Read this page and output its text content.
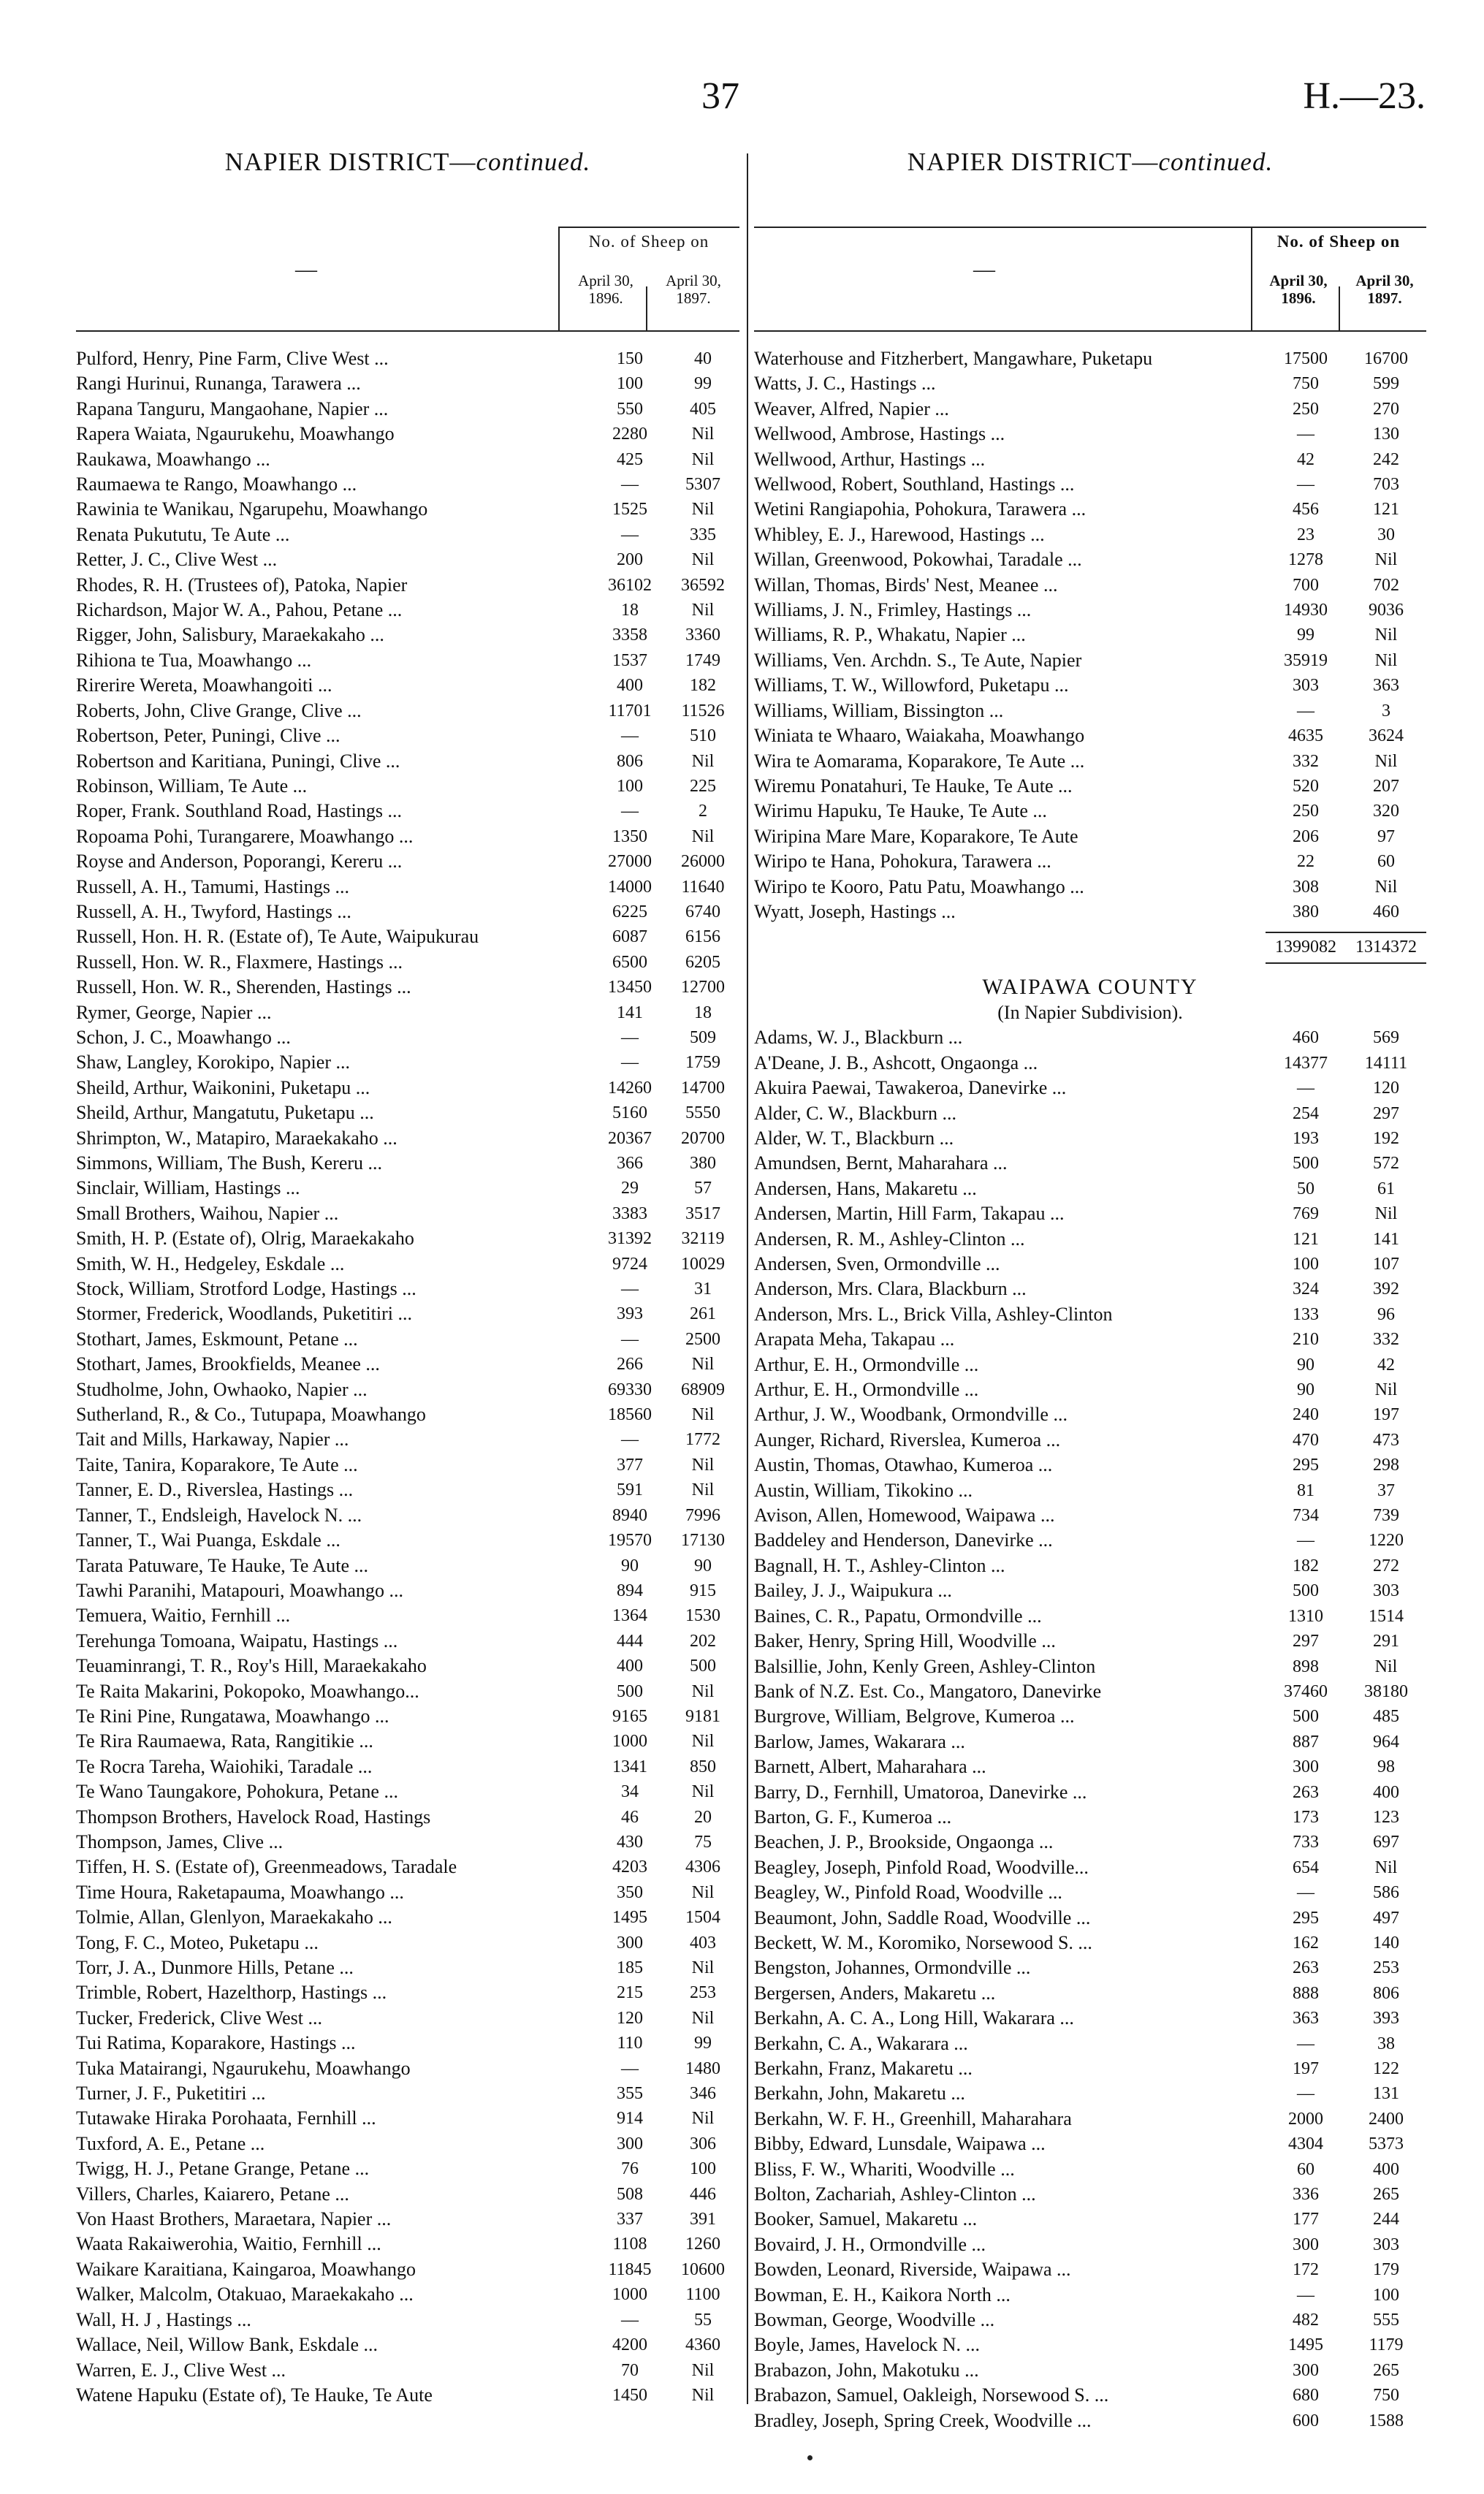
37	H.—23.
NAPIER DISTRICT—continued.
—
No. of Sheep on
April 30, 1896.
April 30, 1897.
Pulford, Henry, Pine Farm, Clive West ...	150	40
Rangi Hurinui, Runanga, Tarawera ...	100	99
Rapana Tanguru, Mangaohane, Napier ...	550	405
Rapera Waiata, Ngaurukehu, Moawhango	2280	Nil
Raukawa, Moawhango ...	425	Nil
Raumaewa te Rango, Moawhango ...	—	5307
Rawinia te Wanikau, Ngarupehu, Moawhango	1525	Nil
Renata Pukututu, Te Aute ...	—	335
Retter, J. C., Clive West ...	200	Nil
Rhodes, R. H. (Trustees of), Patoka, Napier	36102	36592
Richardson, Major W. A., Pahou, Petane ...	18	Nil
Rigger, John, Salisbury, Maraekakaho ...	3358	3360
Rihiona te Tua, Moawhango ...	1537	1749
Rirerire Wereta, Moawhangoiti ...	400	182
Roberts, John, Clive Grange, Clive ...	11701	11526
Robertson, Peter, Puningi, Clive ...	—	510
Robertson and Karitiana, Puningi, Clive ...	806	Nil
Robinson, William, Te Aute ...	100	225
Roper, Frank. Southland Road, Hastings ...	—	2
Ropoama Pohi, Turangarere, Moawhango ...	1350	Nil
Royse and Anderson, Poporangi, Kereru ...	27000	26000
Russell, A. H., Tamumi, Hastings ...	14000	11640
Russell, A. H., Twyford, Hastings ...	6225	6740
Russell, Hon. H. R. (Estate of), Te Aute, Waipukurau	6087	6156
Russell, Hon. W. R., Flaxmere, Hastings ...	6500	6205
Russell, Hon. W. R., Sherenden, Hastings ...	13450	12700
Rymer, George, Napier ...	141	18
Schon, J. C., Moawhango ...	—	509
Shaw, Langley, Korokipo, Napier ...	—	1759
Sheild, Arthur, Waikonini, Puketapu ...	14260	14700
Sheild, Arthur, Mangatutu, Puketapu ...	5160	5550
Shrimpton, W., Matapiro, Maraekakaho ...	20367	20700
Simmons, William, The Bush, Kereru ...	366	380
Sinclair, William, Hastings ...	29	57
Small Brothers, Waihou, Napier ...	3383	3517
Smith, H. P. (Estate of), Olrig, Maraekakaho	31392	32119
Smith, W. H., Hedgeley, Eskdale ...	9724	10029
Stock, William, Strotford Lodge, Hastings ...	—	31
Stormer, Frederick, Woodlands, Puketitiri ...	393	261
Stothart, James, Eskmount, Petane ...	—	2500
Stothart, James, Brookfields, Meanee ...	266	Nil
Studholme, John, Owhaoko, Napier ...	69330	68909
Sutherland, R., & Co., Tutupapa, Moawhango	18560	Nil
Tait and Mills, Harkaway, Napier ...	—	1772
Taite, Tanira, Koparakore, Te Aute ...	377	Nil
Tanner, E. D., Riverslea, Hastings ...	591	Nil
Tanner, T., Endsleigh, Havelock N. ...	8940	7996
Tanner, T., Wai Puanga, Eskdale ...	19570	17130
Tarata Patuware, Te Hauke, Te Aute ...	90	90
Tawhi Paranihi, Matapouri, Moawhango ...	894	915
Temuera, Waitio, Fernhill ...	1364	1530
Terehunga Tomoana, Waipatu, Hastings ...	444	202
Teuaminrangi, T. R., Roy's Hill, Maraekakaho	400	500
Te Raita Makarini, Pokopoko, Moawhango...	500	Nil
Te Rini Pine, Rungatawa, Moawhango ...	9165	9181
Te Rira Raumaewa, Rata, Rangitikie ...	1000	Nil
Te Rocra Tareha, Waiohiki, Taradale ...	1341	850
Te Wano Taungakore, Pohokura, Petane ...	34	Nil
Thompson Brothers, Havelock Road, Hastings	46	20
Thompson, James, Clive ...	430	75
Tiffen, H. S. (Estate of), Greenmeadows, Taradale	4203	4306
Time Houra, Raketapauma, Moawhango ...	350	Nil
Tolmie, Allan, Glenlyon, Maraekakaho ...	1495	1504
Tong, F. C., Moteo, Puketapu ...	300	403
Torr, J. A., Dunmore Hills, Petane ...	185	Nil
Trimble, Robert, Hazelthorp, Hastings ...	215	253
Tucker, Frederick, Clive West ...	120	Nil
Tui Ratima, Koparakore, Hastings ...	110	99
Tuka Matairangi, Ngaurukehu, Moawhango	—	1480
Turner, J. F., Puketitiri ...	355	346
Tutawake Hiraka Porohaata, Fernhill ...	914	Nil
Tuxford, A. E., Petane ...	300	306
Twigg, H. J., Petane Grange, Petane ...	76	100
Villers, Charles, Kaiarero, Petane ...	508	446
Von Haast Brothers, Maraetara, Napier ...	337	391
Waata Rakaiwerohia, Waitio, Fernhill ...	1108	1260
Waikare Karaitiana, Kaingaroa, Moawhango	11845	10600
Walker, Malcolm, Otakuao, Maraekakaho ...	1000	1100
Wall, H. J , Hastings ...	—	55
Wallace, Neil, Willow Bank, Eskdale ...	4200	4360
Warren, E. J., Clive West ...	70	Nil
Watene Hapuku (Estate of), Te Hauke, Te Aute	1450	Nil
NAPIER DISTRICT—continued.
—
No. of Sheep on
April 30, 1896.
April 30, 1897.
Waterhouse and Fitzherbert, Mangawhare, Puketapu	17500	16700
Watts, J. C., Hastings ...	750	599
Weaver, Alfred, Napier ...	250	270
Wellwood, Ambrose, Hastings ...	—	130
Wellwood, Arthur, Hastings ...	42	242
Wellwood, Robert, Southland, Hastings ...	—	703
Wetini Rangiapohia, Pohokura, Tarawera ...	456	121
Whibley, E. J., Harewood, Hastings ...	23	30
Willan, Greenwood, Pokowhai, Taradale ...	1278	Nil
Willan, Thomas, Birds' Nest, Meanee ...	700	702
Williams, J. N., Frimley, Hastings ...	14930	9036
Williams, R. P., Whakatu, Napier ...	99	Nil
Williams, Ven. Archdn. S., Te Aute, Napier	35919	Nil
Williams, T. W., Willowford, Puketapu ...	303	363
Williams, William, Bissington ...	—	3
Winiata te Whaaro, Waiakaha, Moawhango	4635	3624
Wira te Aomarama, Koparakore, Te Aute ...	332	Nil
Wiremu Ponatahuri, Te Hauke, Te Aute ...	520	207
Wirimu Hapuku, Te Hauke, Te Aute ...	250	320
Wiripina Mare Mare, Koparakore, Te Aute	206	97
Wiripo te Hana, Pohokura, Tarawera ...	22	60
Wiripo te Kooro, Patu Patu, Moawhango ...	308	Nil
Wyatt, Joseph, Hastings ...	380	460
1399082	1314372
WAIPAWA COUNTY
(In Napier Subdivision).
Adams, W. J., Blackburn ...	460	569
A'Deane, J. B., Ashcott, Ongaonga ...	14377	14111
Akuira Paewai, Tawakeroa, Danevirke ...	—	120
Alder, C. W., Blackburn ...	254	297
Alder, W. T., Blackburn ...	193	192
Amundsen, Bernt, Maharahara ...	500	572
Andersen, Hans, Makaretu ...	50	61
Andersen, Martin, Hill Farm, Takapau ...	769	Nil
Andersen, R. M., Ashley-Clinton ...	121	141
Andersen, Sven, Ormondville ...	100	107
Anderson, Mrs. Clara, Blackburn ...	324	392
Anderson, Mrs. L., Brick Villa, Ashley-Clinton	133	96
Arapata Meha, Takapau ...	210	332
Arthur, E. H., Ormondville ...	90	42
Arthur, E. H., Ormondville ...	90	Nil
Arthur, J. W., Woodbank, Ormondville ...	240	197
Aunger, Richard, Riverslea, Kumeroa ...	470	473
Austin, Thomas, Otawhao, Kumeroa ...	295	298
Austin, William, Tikokino ...	81	37
Avison, Allen, Homewood, Waipawa ...	734	739
Baddeley and Henderson, Danevirke ...	—	1220
Bagnall, H. T., Ashley-Clinton ...	182	272
Bailey, J. J., Waipukura ...	500	303
Baines, C. R., Papatu, Ormondville ...	1310	1514
Baker, Henry, Spring Hill, Woodville ...	297	291
Balsillie, John, Kenly Green, Ashley-Clinton	898	Nil
Bank of N.Z. Est. Co., Mangatoro, Danevirke	37460	38180
Burgrove, William, Belgrove, Kumeroa ...	500	485
Barlow, James, Wakarara ...	887	964
Barnett, Albert, Maharahara ...	300	98
Barry, D., Fernhill, Umatoroa, Danevirke ...	263	400
Barton, G. F., Kumeroa ...	173	123
Beachen, J. P., Brookside, Ongaonga ...	733	697
Beagley, Joseph, Pinfold Road, Woodville...	654	Nil
Beagley, W., Pinfold Road, Woodville ...	—	586
Beaumont, John, Saddle Road, Woodville ...	295	497
Beckett, W. M., Koromiko, Norsewood S. ...	162	140
Bengston, Johannes, Ormondville ...	263	253
Bergersen, Anders, Makaretu ...	888	806
Berkahn, A. C. A., Long Hill, Wakarara ...	363	393
Berkahn, C. A., Wakarara ...	—	38
Berkahn, Franz, Makaretu ...	197	122
Berkahn, John, Makaretu ...	—	131
Berkahn, W. F. H., Greenhill, Maharahara	2000	2400
Bibby, Edward, Lunsdale, Waipawa ...	4304	5373
Bliss, F. W., Whariti, Woodville ...	60	400
Bolton, Zachariah, Ashley-Clinton ...	336	265
Booker, Samuel, Makaretu ...	177	244
Bovaird, J. H., Ormondville ...	300	303
Bowden, Leonard, Riverside, Waipawa ...	172	179
Bowman, E. H., Kaikora North ...	—	100
Bowman, George, Woodville ...	482	555
Boyle, James, Havelock N. ...	1495	1179
Brabazon, John, Makotuku ...	300	265
Brabazon, Samuel, Oakleigh, Norsewood S. ...	680	750
Bradley, Joseph, Spring Creek, Woodville ...	600	1588
